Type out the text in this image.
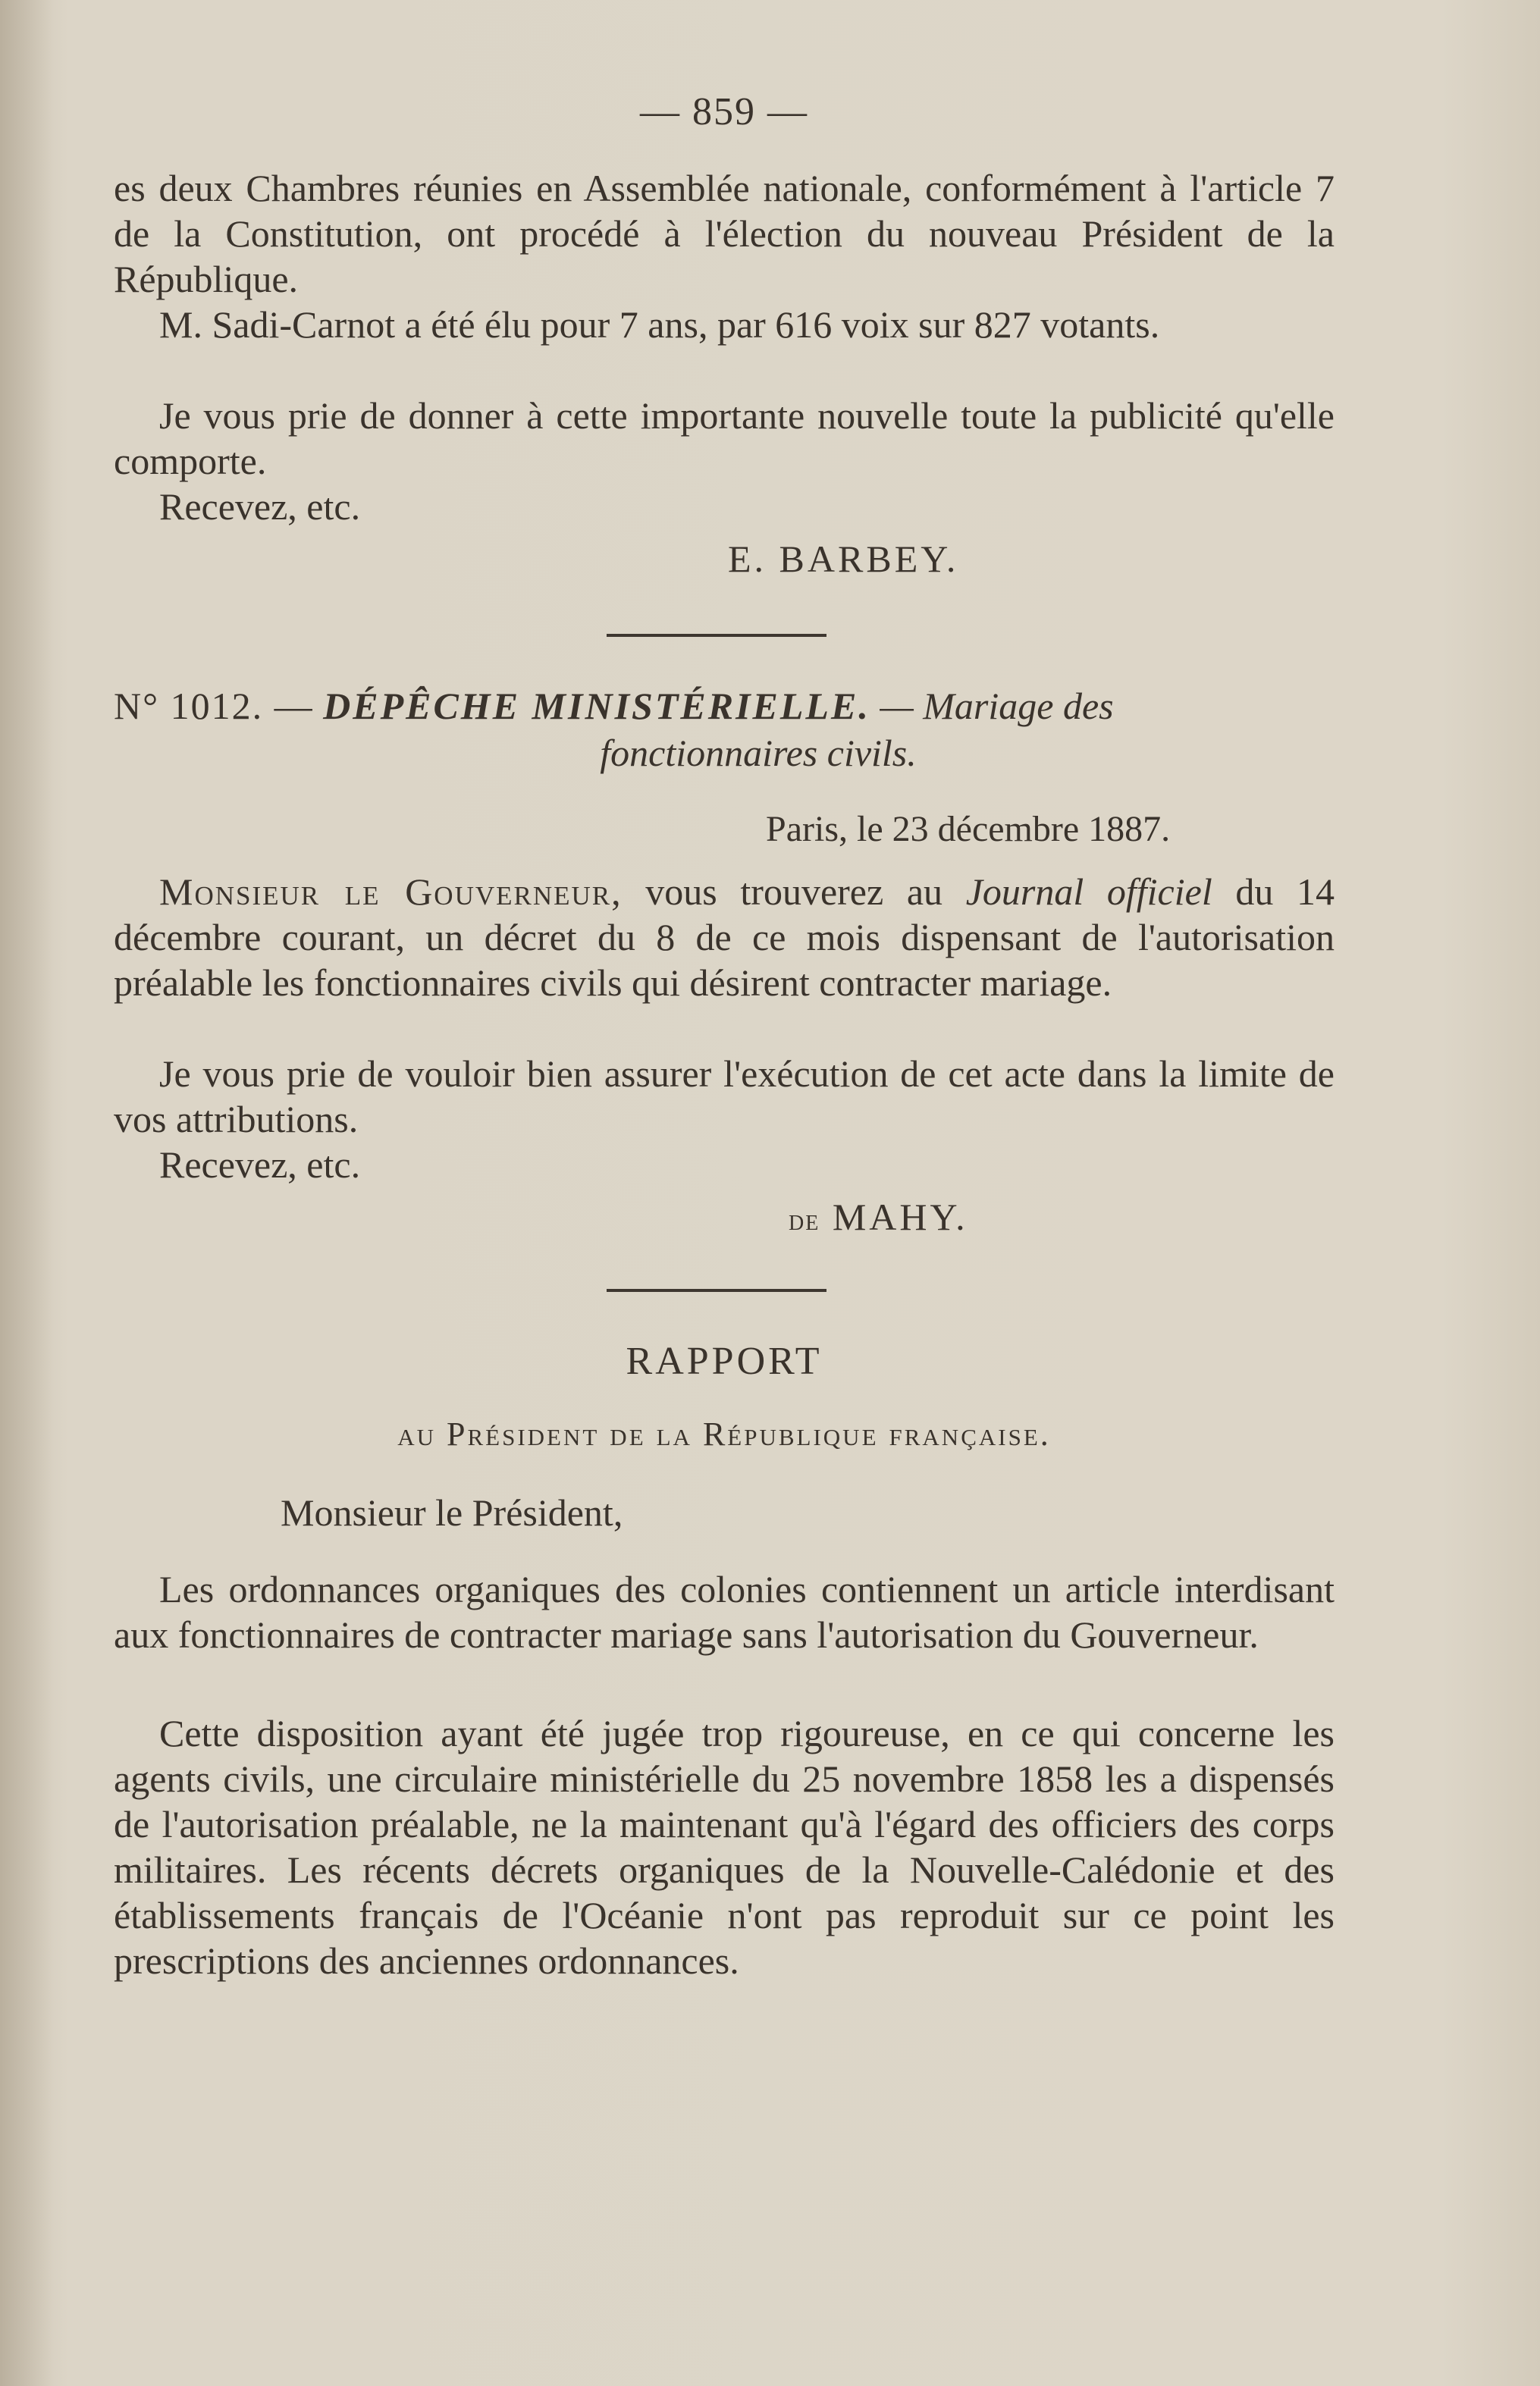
— 859 —

es deux Chambres réunies en Assemblée nationale, conformément à l'article 7 de la Constitution, ont procédé à l'élection du nouveau Président de la République.

M. Sadi-Carnot a été élu pour 7 ans, par 616 voix sur 827 votants.

Je vous prie de donner à cette importante nouvelle toute la publicité qu'elle comporte.

Recevez, etc.

E. BARBEY.

N° 1012. — DÉPÊCHE MINISTÉRIELLE. — Mariage des
fonctionnaires civils.

Paris, le 23 décembre 1887.

Monsieur le Gouverneur, vous trouverez au Journal officiel du 14 décembre courant, un décret du 8 de ce mois dispensant de l'autorisation préalable les fonctionnaires civils qui désirent contracter mariage.

Je vous prie de vouloir bien assurer l'exécution de cet acte dans la limite de vos attributions.

Recevez, etc.

de MAHY.
RAPPORT
au Président de la République française.
Monsieur le Président,

Les ordonnances organiques des colonies contiennent un article interdisant aux fonctionnaires de contracter mariage sans l'autorisation du Gouverneur.

Cette disposition ayant été jugée trop rigoureuse, en ce qui concerne les agents civils, une circulaire ministérielle du 25 novembre 1858 les a dispensés de l'autorisation préalable, ne la maintenant qu'à l'égard des officiers des corps militaires. Les récents décrets organiques de la Nouvelle-Calédonie et des établissements français de l'Océanie n'ont pas reproduit sur ce point les prescriptions des anciennes ordonnances.
